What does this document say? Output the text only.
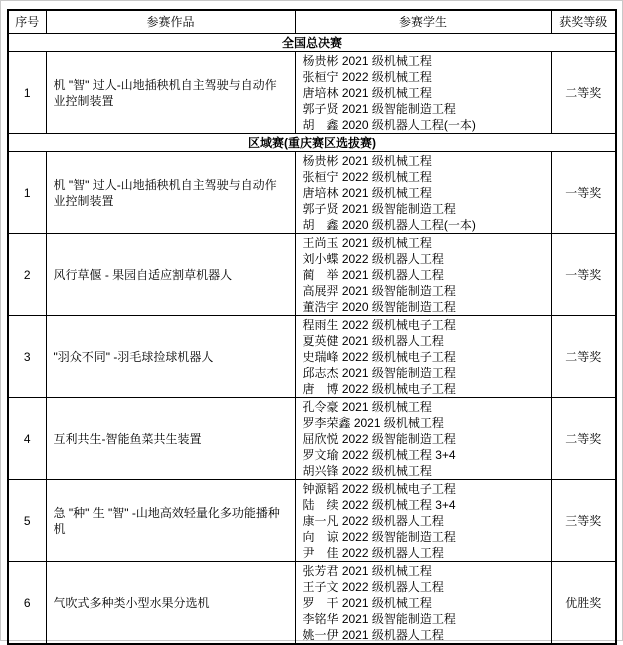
序号	参赛作品	参赛学生	获奖等级
全国总决赛			
1	机 "智" 过人-山地插秧机自主驾驶与自动作业控制装置	杨贵彬 2021 级机械工程
张桓宁 2022 级机械工程
唐培林 2021 级机械工程
郭子贤 2021 级智能制造工程
胡　鑫 2020 级机器人工程(一本)	二等奖
区域赛(重庆赛区选拔赛)			
1	机 "智" 过人-山地插秧机自主驾驶与自动作业控制装置	杨贵彬 2021 级机械工程
张桓宁 2022 级机械工程
唐培林 2021 级机械工程
郭子贤 2021 级智能制造工程
胡　鑫 2020 级机器人工程(一本)	一等奖
2	风行草偃 - 果园自适应割草机器人	王尚玉 2021 级机械工程
刘小蝶 2022 级机器人工程
蔺　举 2021 级机器人工程
高展羿 2021 级智能制造工程
董浩宇 2020 级智能制造工程	一等奖
3	"羽众不同" -羽毛球捡球机器人	程雨生 2022 级机械电子工程
夏英健 2021 级机器人工程
史瑞峰 2022 级机械电子工程
邱志杰 2021 级智能制造工程
唐　博 2022 级机械电子工程	二等奖
4	互利共生-智能鱼菜共生装置	孔令豪 2021 级机械工程
罗李荣鑫 2021 级机械工程
屈欣悦 2022 级智能制造工程
罗文瑜 2022 级机械工程 3+4
胡兴锋 2022 级机械工程	二等奖
5	急 "种" 生 "智" -山地高效轻量化多功能播种机	钟源韬 2022 级机械电子工程
陆　续 2022 级机械工程 3+4
康一凡 2022 级机器人工程
向　谅 2022 级智能制造工程
尹　佳 2022 级机器人工程	三等奖
6	气吹式多种类小型水果分选机	张芳君 2021 级机械工程
王子文 2022 级机器人工程
罗　干 2021 级机械工程
李铭华 2021 级智能制造工程
姚一伊 2021 级机器人工程	优胜奖
